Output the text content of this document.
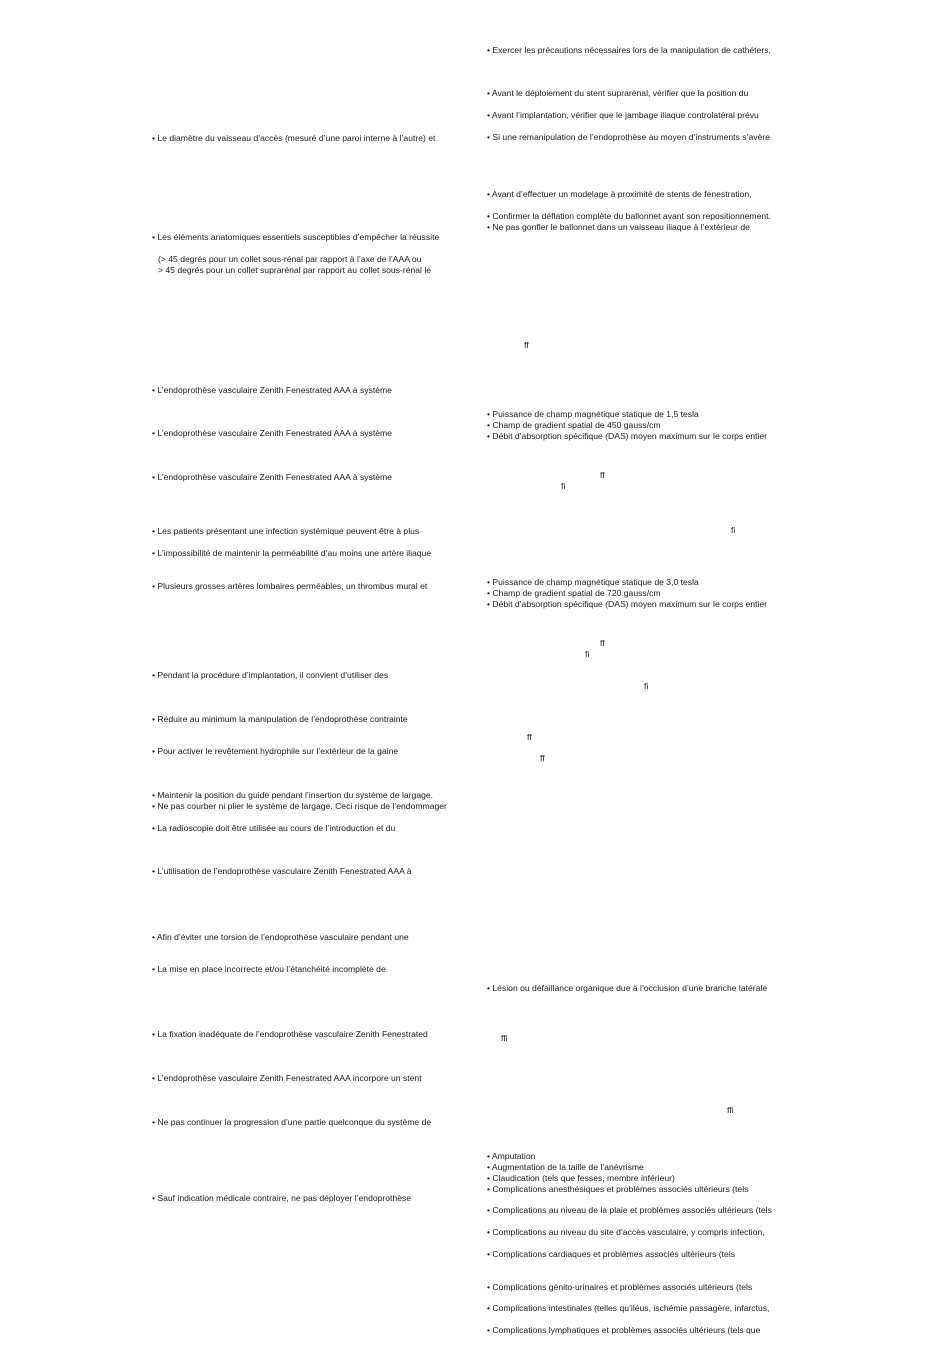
• Le diamètre du vaisseau d’accès (mesuré d’une paroi interne à l’autre) et
• Les éléments anatomiques essentiels susceptibles d’empêcher la réussite
(> 45 degrés pour un collet sous-rénal par rapport à l’axe de l’AAA ou
> 45 degrés pour un collet suprarénal par rapport au collet sous-rénal le
• L’endoprothèse vasculaire Zenith Fenestrated AAA à système
• L’endoprothèse vasculaire Zenith Fenestrated AAA à système
• L’endoprothèse vasculaire Zenith Fenestrated AAA à système
• Les patients présentant une infection systémique peuvent être à plus
• L’impossibilité de maintenir la perméabilité d’au moins une artère iliaque
• Plusieurs grosses artères lombaires perméables, un thrombus mural et
• Pendant la procédure d’implantation, il convient d’utiliser des
• Réduire au minimum la manipulation de l’endoprothèse contrainte
• Pour activer le revêtement hydrophile sur l’extérieur de la gaine
• Maintenir la position du guide pendant l’insertion du système de largage.
• Ne pas courber ni plier le système de largage. Ceci risque de l’endommager
• La radioscopie doit être utilisée au cours de l’introduction et du
• L’utilisation de l’endoprothèse vasculaire Zenith Fenestrated AAA à
• Afin d’éviter une torsion de l’endoprothèse vasculaire pendant une
• La mise en place incorrecte et/ou l’étanchéité incomplète de
• La fixation inadéquate de l’endoprothèse vasculaire Zenith Fenestrated
• L’endoprothèse vasculaire Zenith Fenestrated AAA incorpore un stent
• Ne pas continuer la progression d’une partie quelconque du système de
• Sauf indication médicale contraire, ne pas déployer l’endoprothèse
• Exercer les précautions nécessaires lors de la manipulation de cathéters,
• Avant le déploiement du stent suprarénal, vérifier que la position du
• Avant l’implantation, vérifier que le jambage iliaque controlatéral prévu
• Si une remanipulation de l’endoprothèse au moyen d’instruments s’avère
• Avant d’effectuer un modelage à proximité de stents de fenestration,
• Confirmer la déflation complète du ballonnet avant son repositionnement.
• Ne pas gonfler le ballonnet dans un vaisseau iliaque à l’extérieur de
ff
• Puissance de champ magnétique statique de 1,5 tesla
• Champ de gradient spatial de 450 gauss/cm
• Débit d’absorption spécifique (DAS) moyen maximum sur le corps entier
ff
fi
fi
• Puissance de champ magnétique statique de 3,0 tesla
• Champ de gradient spatial de 720 gauss/cm
• Débit d’absorption spécifique (DAS) moyen maximum sur le corps entier
ff
fi
fi
ff
ff
• Lésion ou défaillance organique due à l’occlusion d’une branche latérale
ffi
ffi
• Amputation
• Augmentation de la taille de l’anévrisme
• Claudication (tels que fesses, membre inférieur)
• Complications anesthésiques et problèmes associés ultérieurs (tels
• Complications au niveau de la plaie et problèmes associés ultérieurs (tels
• Complications au niveau du site d’accès vasculaire, y compris infection,
• Complications cardiaques et problèmes associés ultérieurs (tels
• Complications génito-urinaires et problèmes associés ultérieurs (tels
• Complications intestinales (telles qu’iléus, ischémie passagère, infarctus,
• Complications lymphatiques et problèmes associés ultérieurs (tels que
